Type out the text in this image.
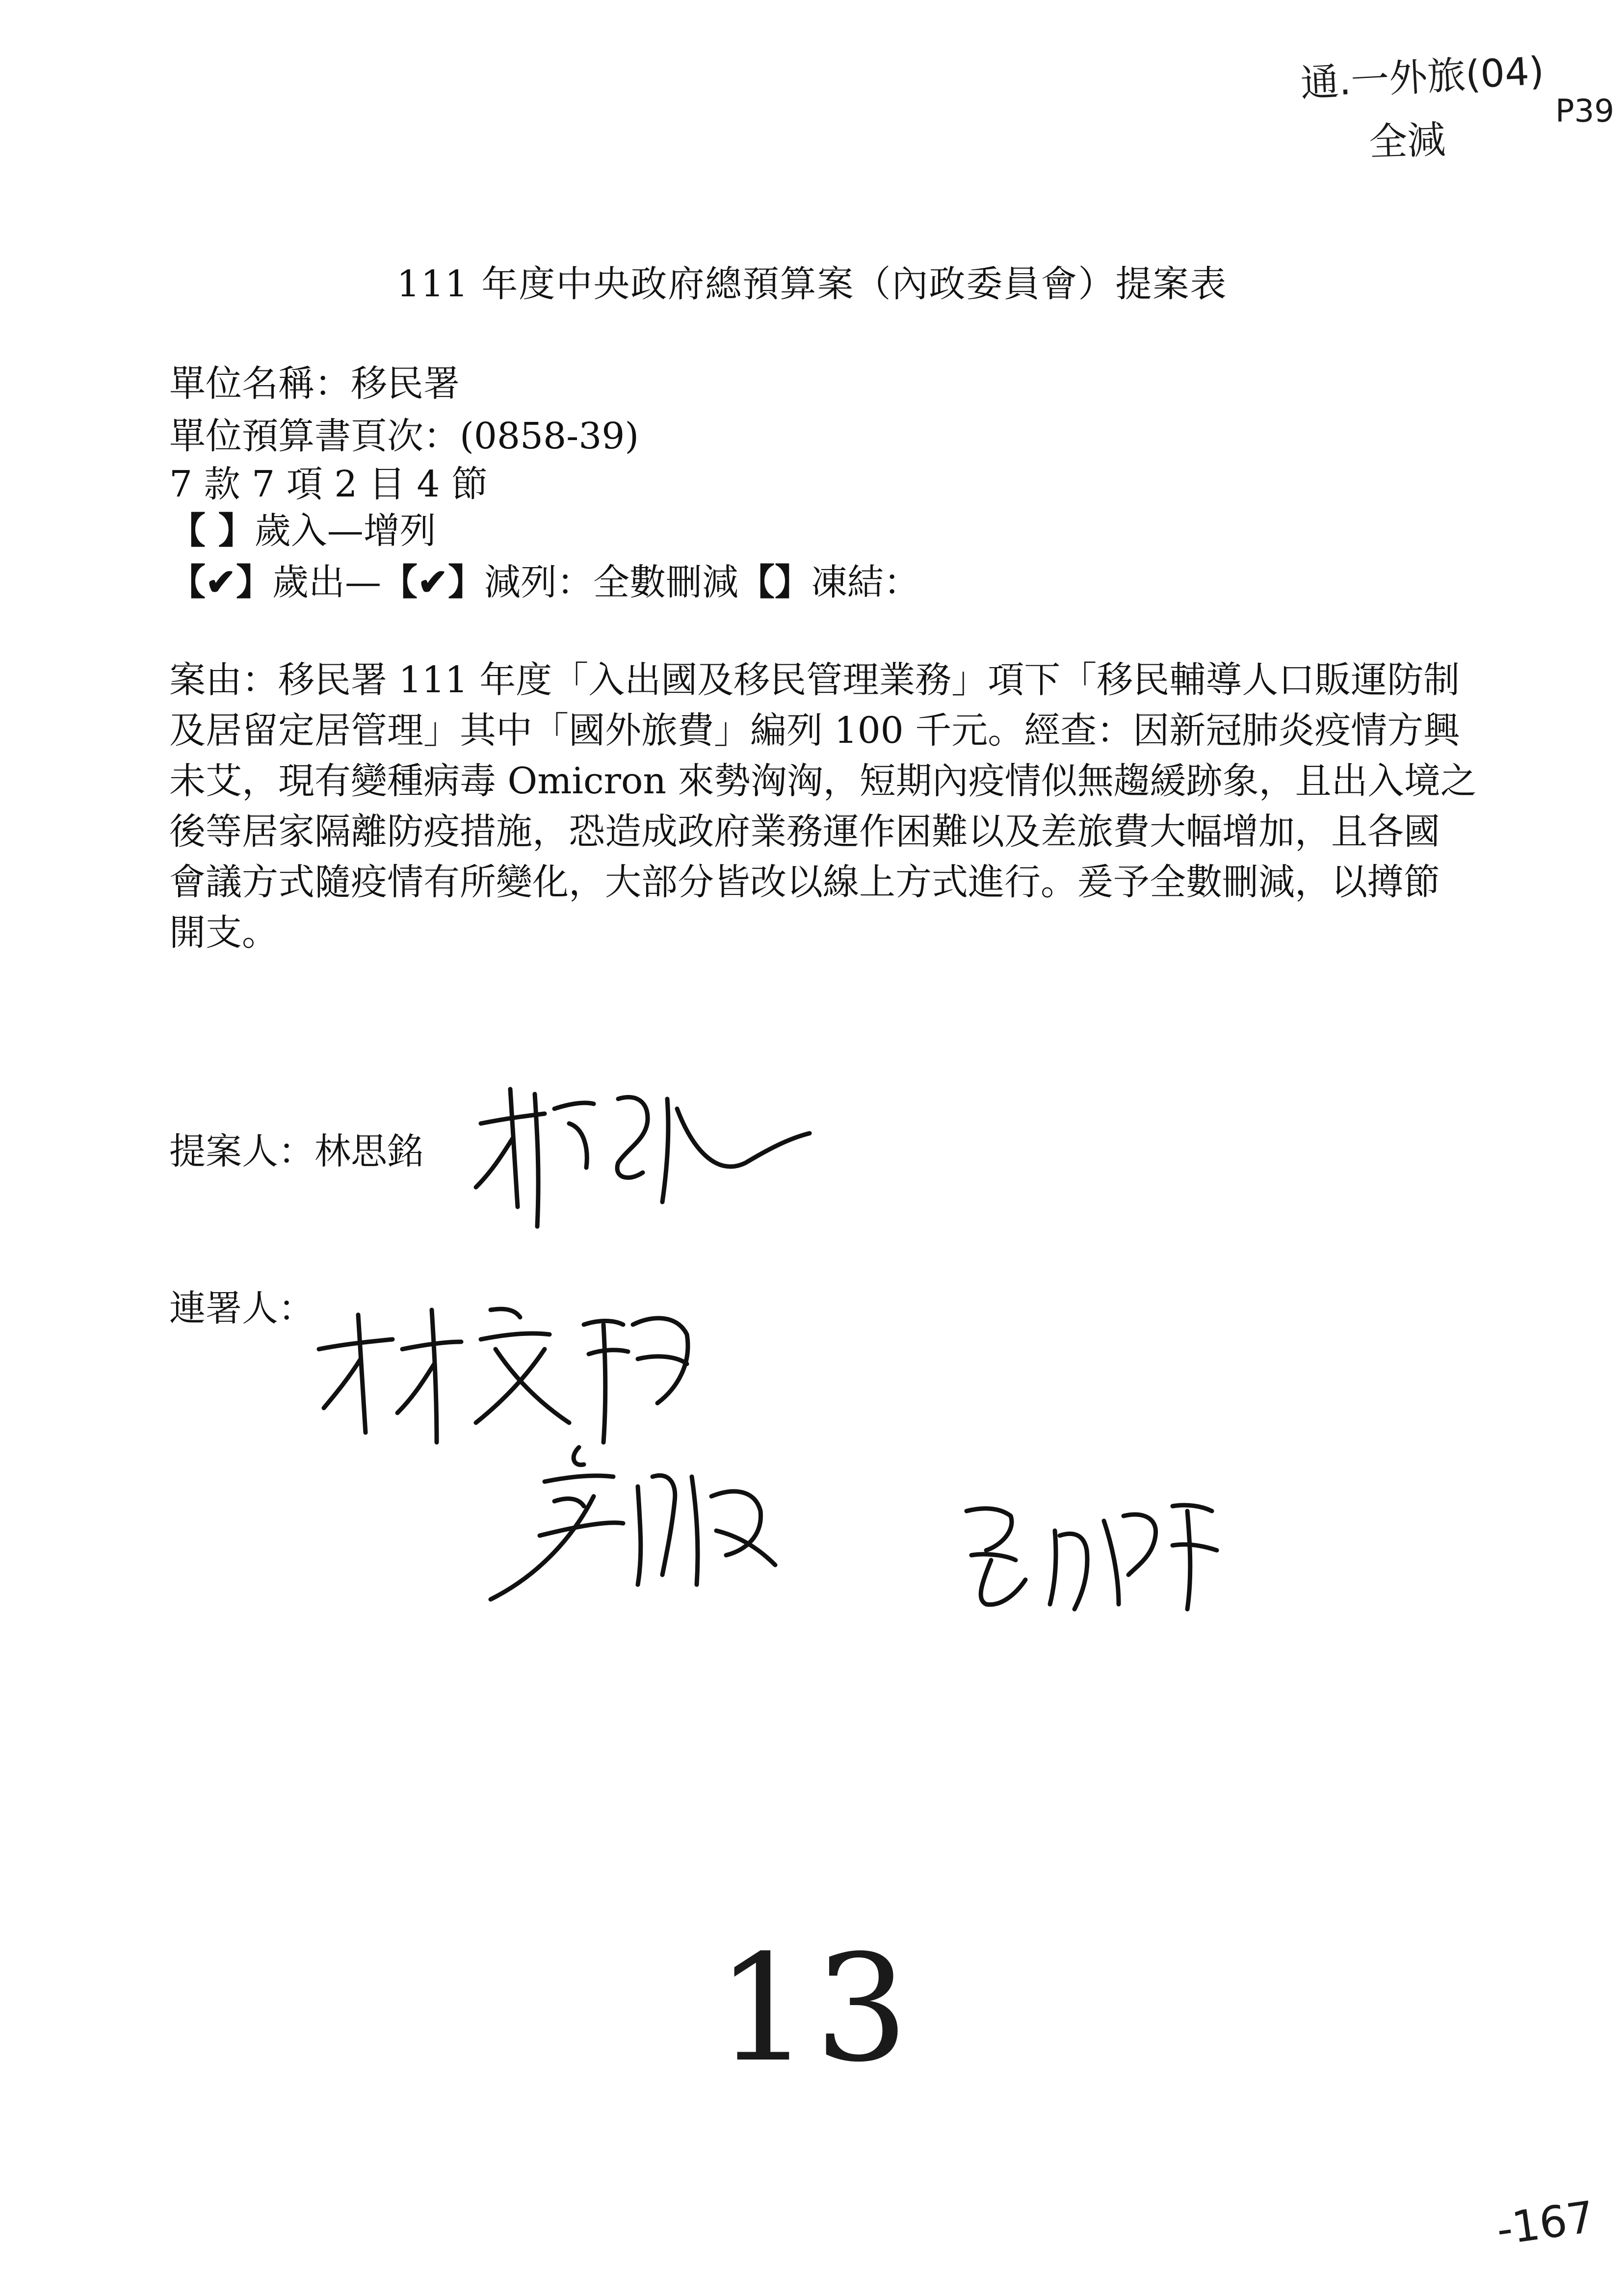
通.一外旅(04)
全減
P39
111 年度中央政府總預算案（內政委員會）提案表
單位名稱：移民署
單位預算書頁次：(0858-39)
7 款 7 項 2 目 4 節
【 】歲入—增列
【✔】歲出—【✔】減列：全數刪減【】凍結：
案由：移民署 111 年度「入出國及移民管理業務」項下「移民輔導人口販運防制
及居留定居管理」其中「國外旅費」編列 100 千元。經查：因新冠肺炎疫情方興
未艾，現有變種病毒 Omicron 來勢洶洶，短期內疫情似無趨緩跡象，且出入境之
後等居家隔離防疫措施，恐造成政府業務運作困難以及差旅費大幅增加，且各國
會議方式隨疫情有所變化，大部分皆改以線上方式進行。爰予全數刪減，以撙節
開支。
提案人：林思銘
連署人：
13
-167
